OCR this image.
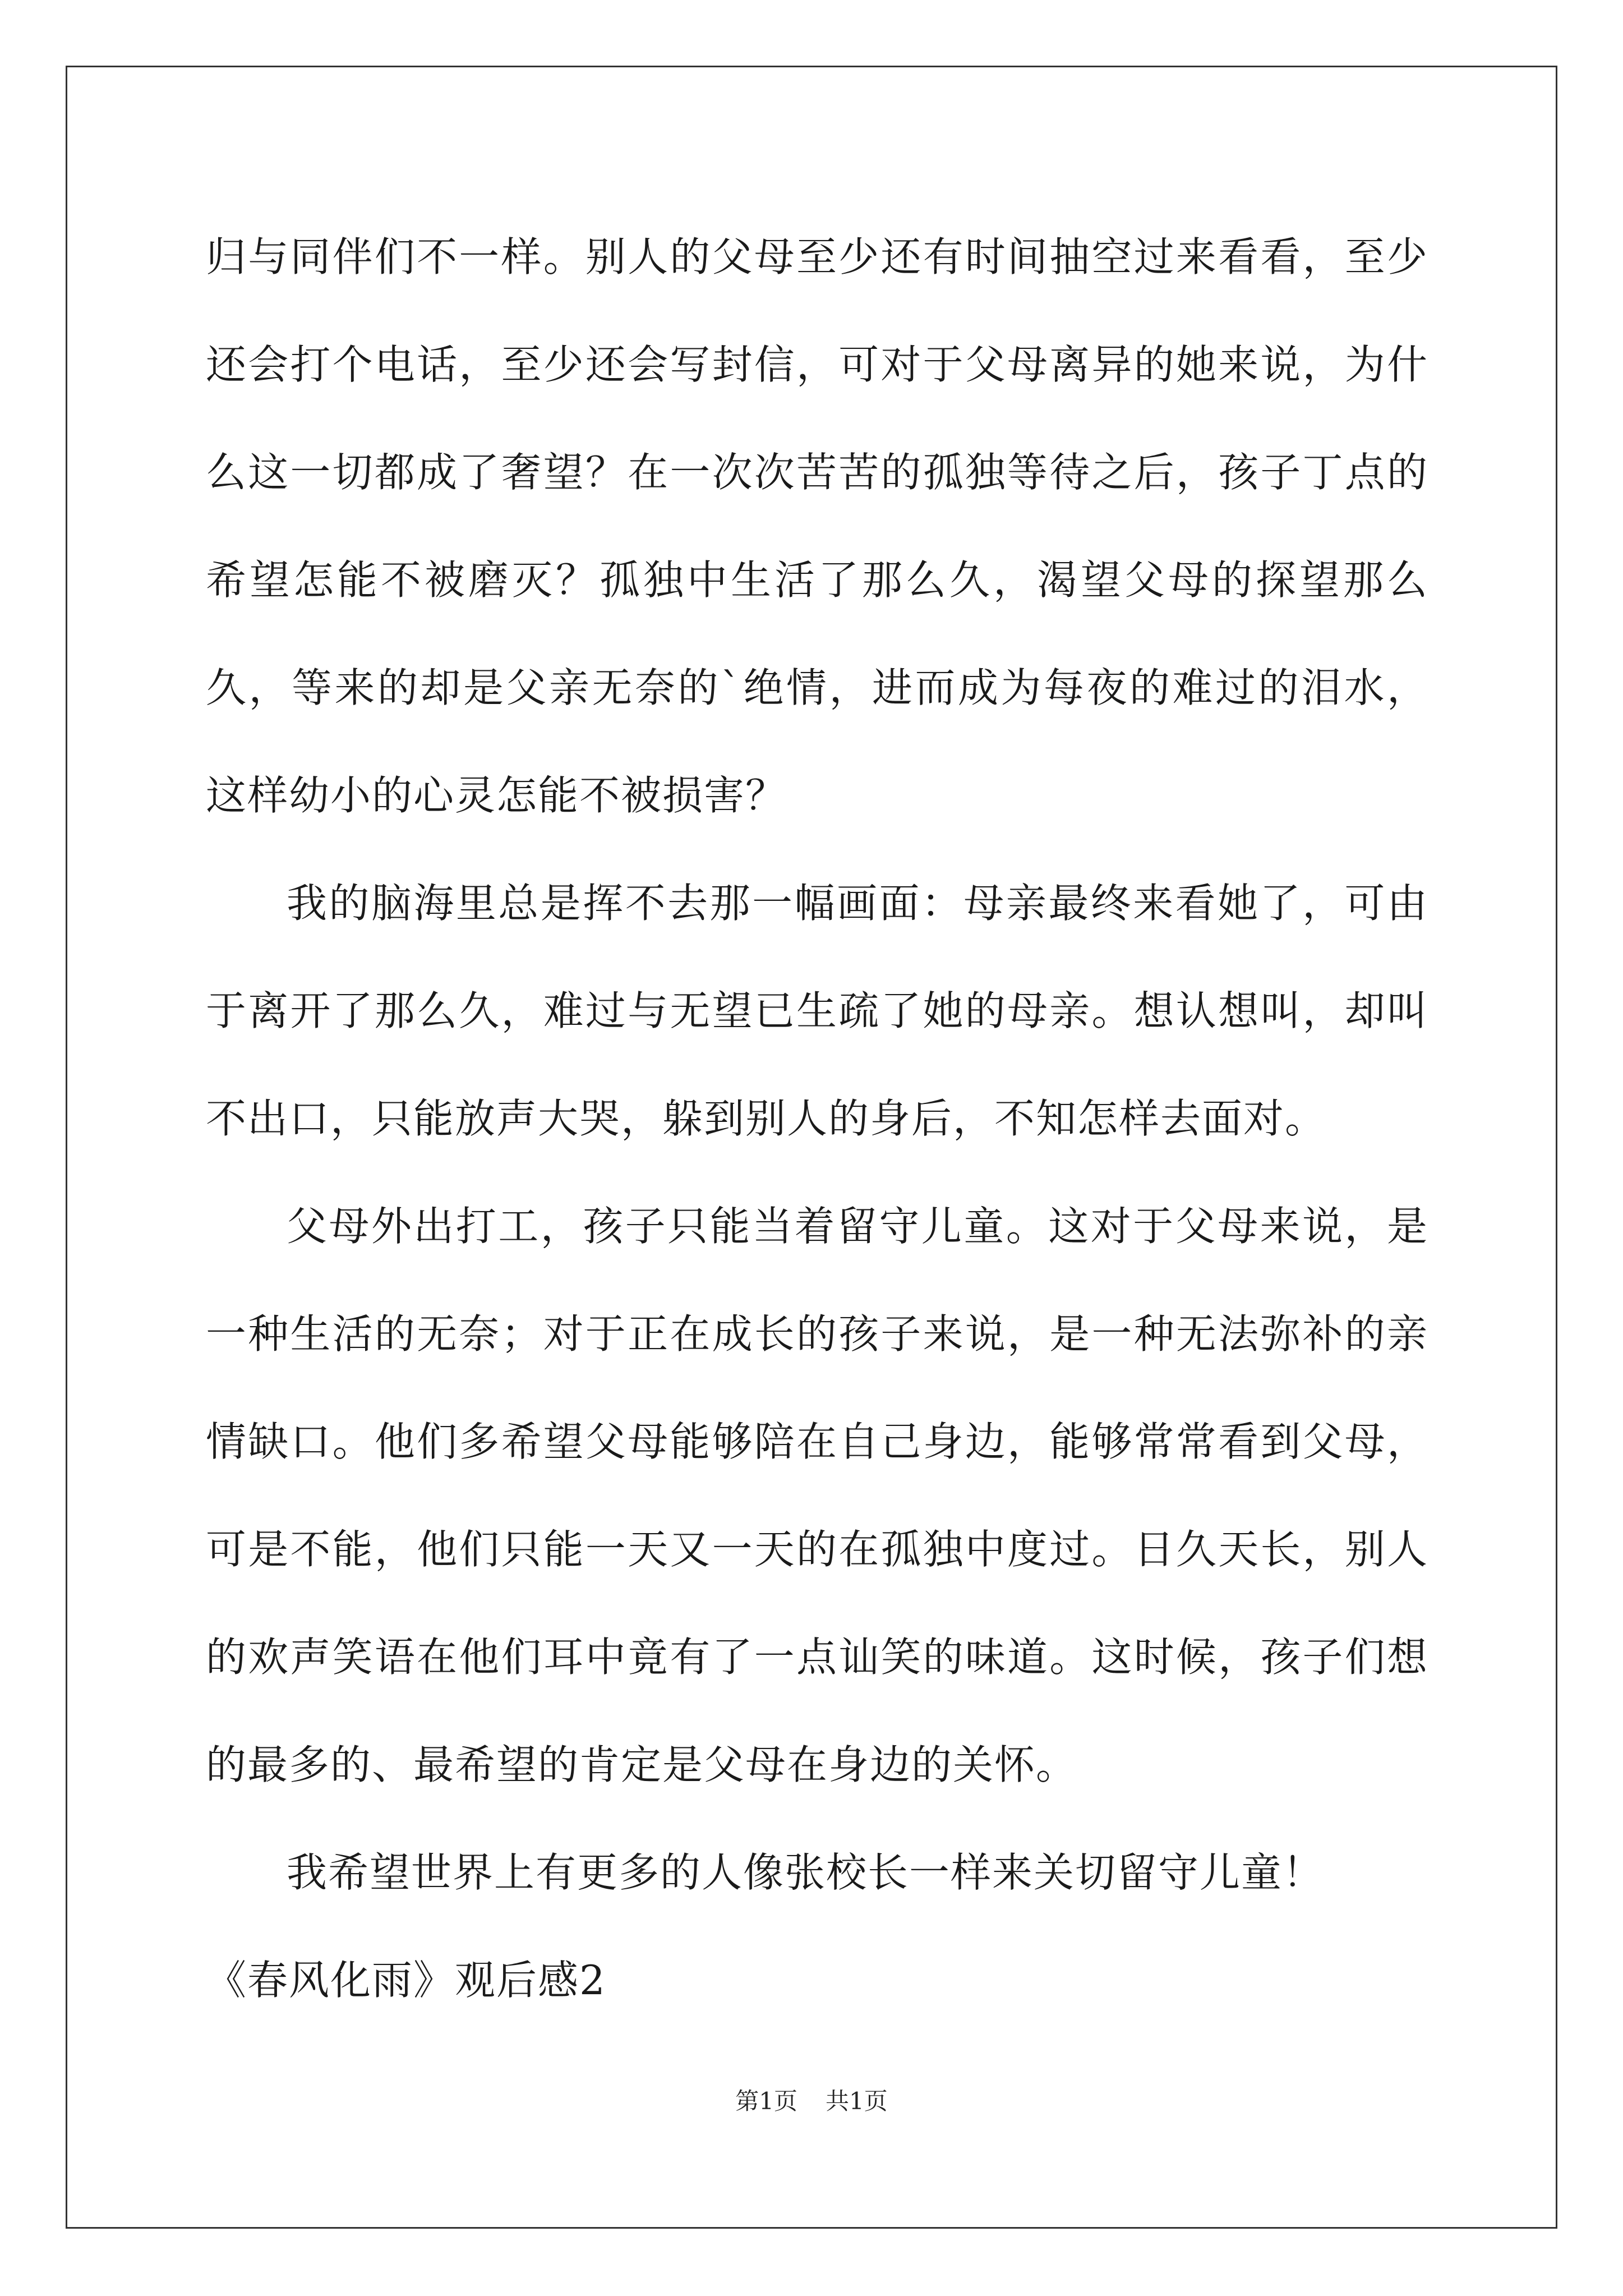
归与同伴们不一样。别人的父母至少还有时间抽空过来看看，至少还会打个电话，至少还会写封信，可对于父母离异的她来说，为什么这一切都成了奢望？在一次次苦苦的孤独等待之后，孩子丁点的希望怎能不被磨灭？孤独中生活了那么久，渴望父母的探望那么久，等来的却是父亲无奈的`绝情，进而成为每夜的难过的泪水，这样幼小的心灵怎能不被损害？

我的脑海里总是挥不去那一幅画面：母亲最终来看她了，可由于离开了那么久，难过与无望已生疏了她的母亲。想认想叫，却叫不出口，只能放声大哭，躲到别人的身后，不知怎样去面对。

父母外出打工，孩子只能当着留守儿童。这对于父母来说，是一种生活的无奈；对于正在成长的孩子来说，是一种无法弥补的亲情缺口。他们多希望父母能够陪在自己身边，能够常常看到父母，可是不能，他们只能一天又一天的在孤独中度过。日久天长，别人的欢声笑语在他们耳中竟有了一点讪笑的味道。这时候，孩子们想的最多的、最希望的肯定是父母在身边的关怀。

我希望世界上有更多的人像张校长一样来关切留守儿童！

《春风化雨》观后感2

第1页 共1页
